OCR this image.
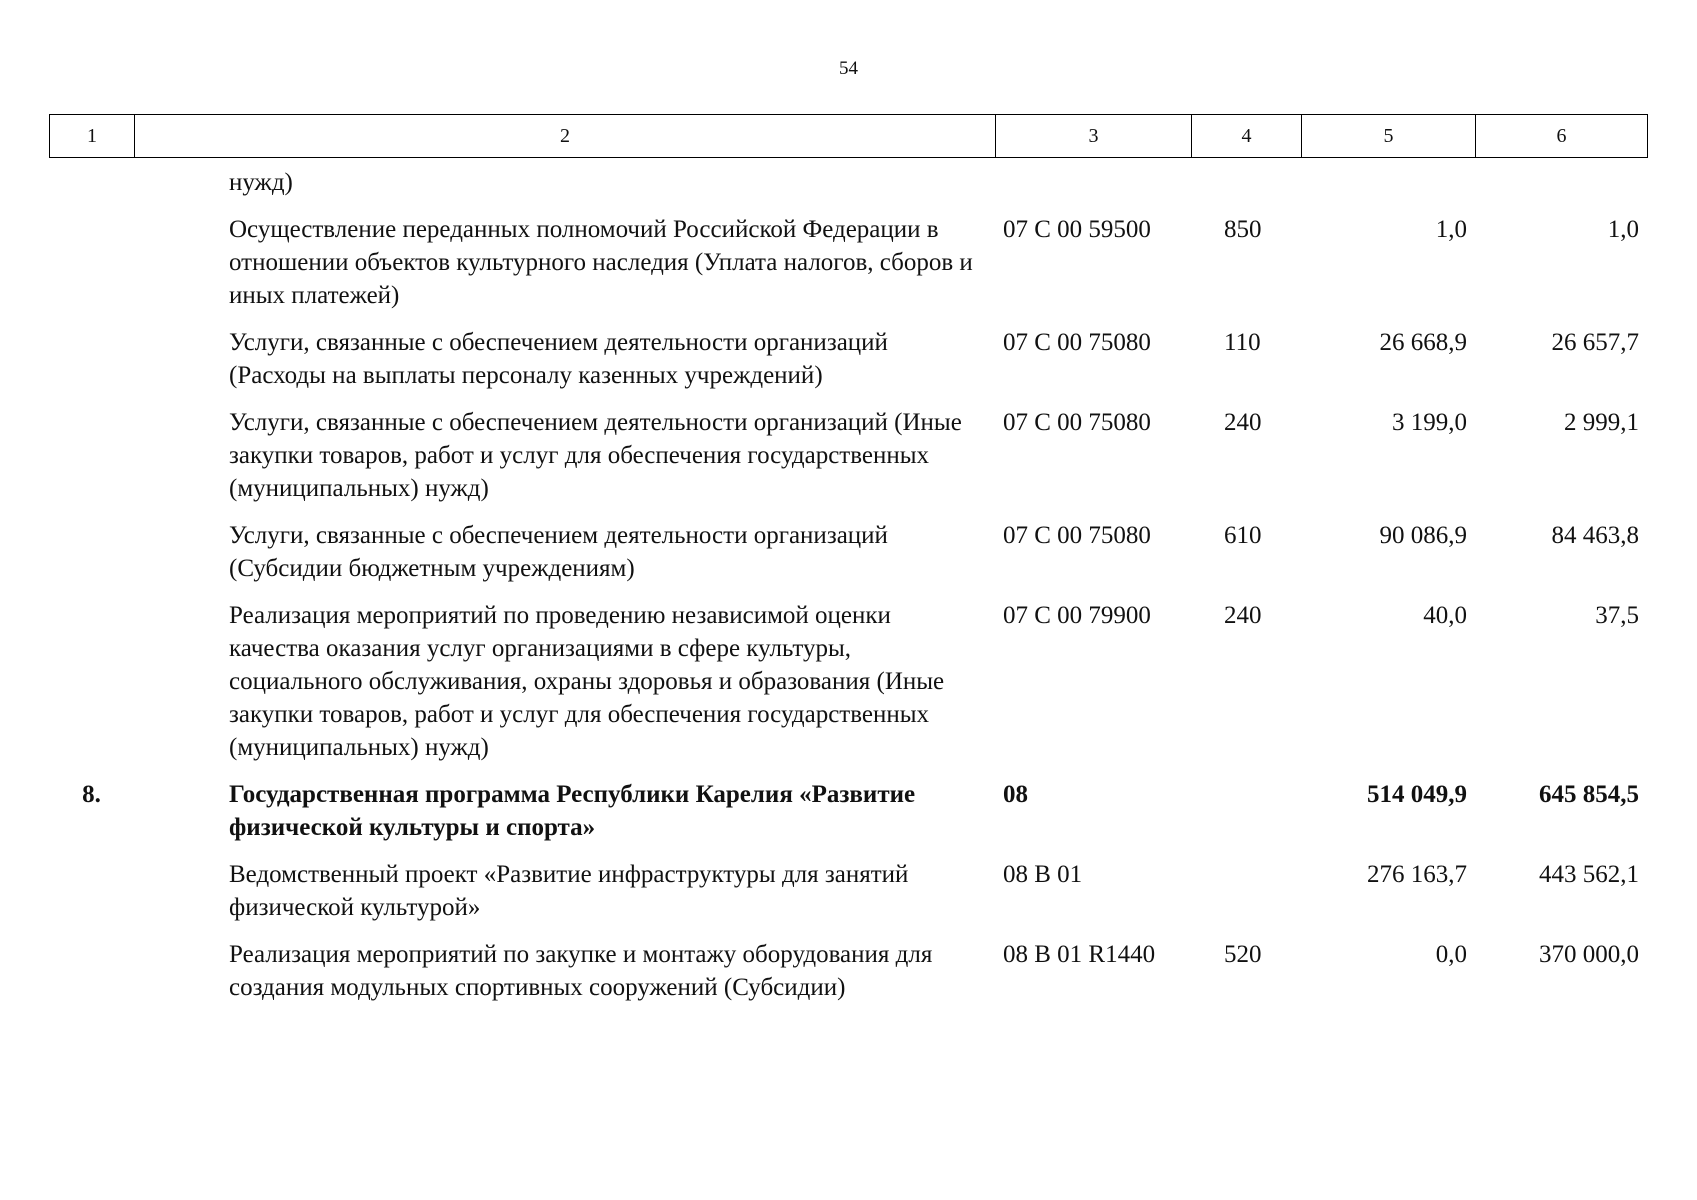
54
1	2	3	4	5	6
	нужд)				
	Осуществление переданных полномочий Российской Федерации в отношении объектов культурного наследия (Уплата налогов, сборов и иных платежей)	07 С 00 59500	850	1,0	1,0
	Услуги, связанные с обеспечением деятельности организаций (Расходы на выплаты персоналу казенных учреждений)	07 С 00 75080	110	26 668,9	26 657,7
	Услуги, связанные с обеспечением деятельности организаций (Иные закупки товаров, работ и услуг для обеспечения государственных (муниципальных) нужд)	07 С 00 75080	240	3 199,0	2 999,1
	Услуги, связанные с обеспечением деятельности организаций (Субсидии бюджетным учреждениям)	07 С 00 75080	610	90 086,9	84 463,8
	Реализация мероприятий по проведению независимой оценки качества оказания услуг организациями в сфере культуры, социального обслуживания, охраны здоровья и образования (Иные закупки товаров, работ и услуг для обеспечения государственных (муниципальных) нужд)	07 С 00 79900	240	40,0	37,5
8.	Государственная программа Республики Карелия «Развитие физической культуры и спорта»	08		514 049,9	645 854,5
	Ведомственный проект «Развитие инфраструктуры для занятий физической культурой»	08 В 01		276 163,7	443 562,1
	Реализация мероприятий по закупке и монтажу оборудования для создания модульных спортивных сооружений (Субсидии)	08 В 01 R1440	520	0,0	370 000,0
